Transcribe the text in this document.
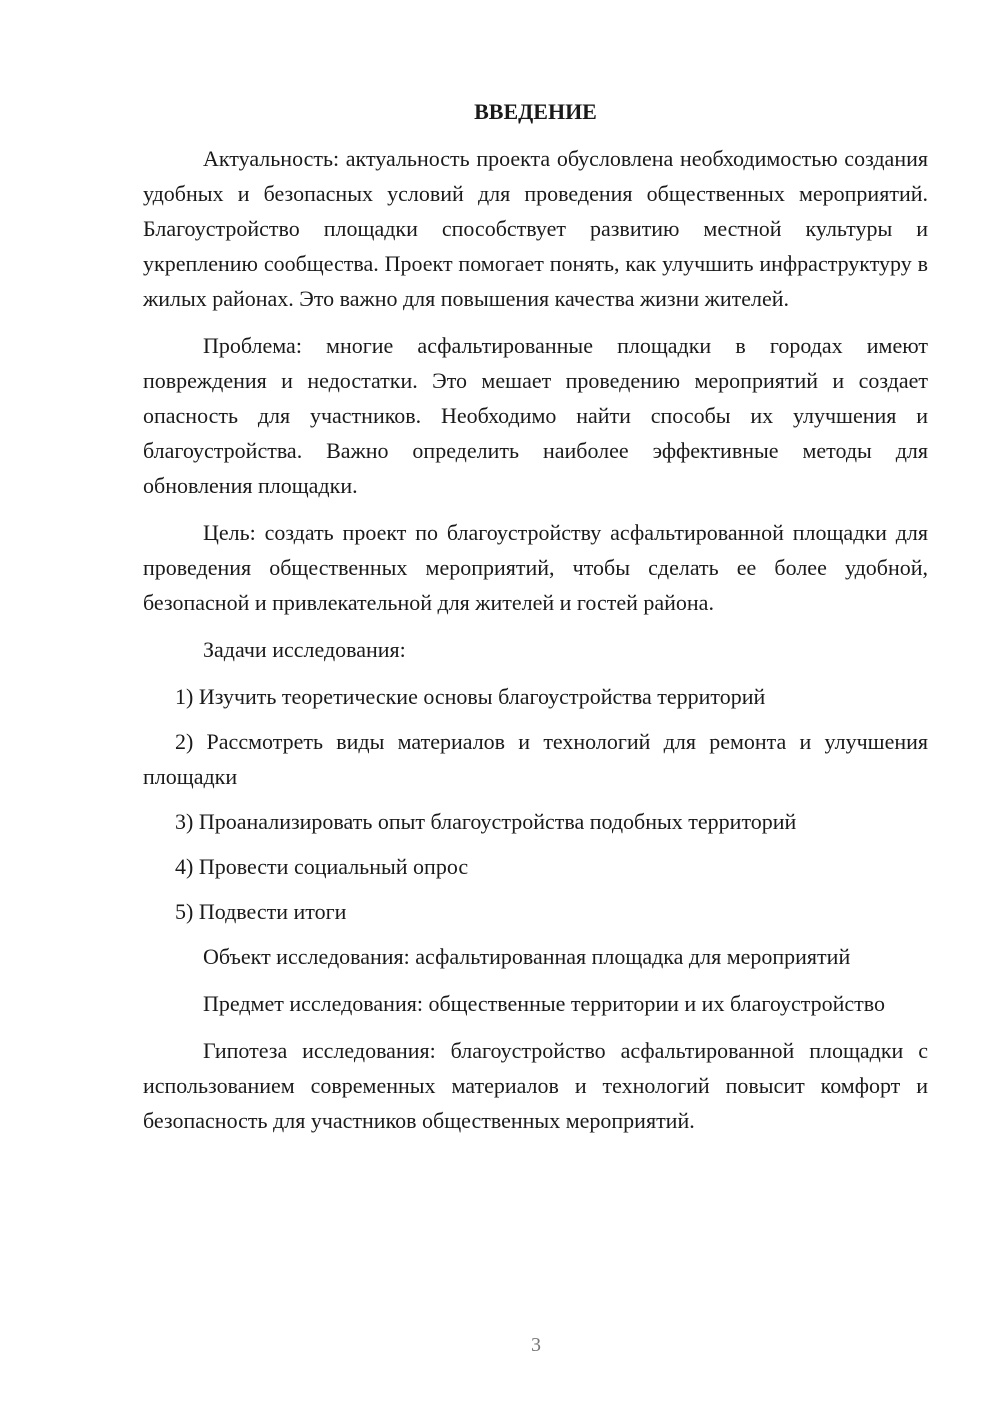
ВВЕДЕНИЕ

Актуальность: актуальность проекта обусловлена необходимостью создания удобных и безопасных условий для проведения общественных мероприятий. Благоустройство площадки способствует развитию местной культуры и укреплению сообщества. Проект помогает понять, как улучшить инфраструктуру в жилых районах. Это важно для повышения качества жизни жителей.

Проблема: многие асфальтированные площадки в городах имеют повреждения и недостатки. Это мешает проведению мероприятий и создает опасность для участников. Необходимо найти способы их улучшения и благоустройства. Важно определить наиболее эффективные методы для обновления площадки.

Цель: создать проект по благоустройству асфальтированной площадки для проведения общественных мероприятий, чтобы сделать ее более удобной, безопасной и привлекательной для жителей и гостей района.

Задачи исследования:

1) Изучить теоретические основы благоустройства территорий

2) Рассмотреть виды материалов и технологий для ремонта и улучшения площадки

3) Проанализировать опыт благоустройства подобных территорий

4) Провести социальный опрос

5) Подвести итоги

Объект исследования: асфальтированная площадка для мероприятий

Предмет исследования: общественные территории и их благоустройство

Гипотеза исследования: благоустройство асфальтированной площадки с использованием современных материалов и технологий повысит комфорт и безопасность для участников общественных мероприятий.

3
